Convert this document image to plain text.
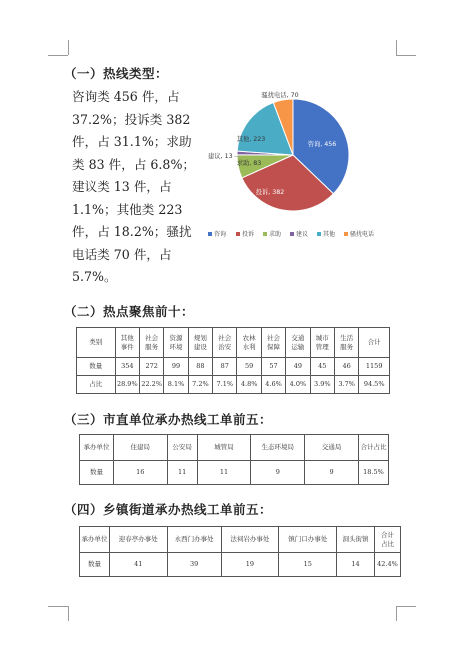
（一）热线类型：
咨询类 456 件，占
37.2%；投诉类 382
件，占 31.1%；求助
类 83 件，占 6.8%；
建议类 13 件，占
1.1%；其他类 223
件，占 18.2%；骚扰
电话类 70 件，占
5.7%。
咨询, 456
投诉, 382
求助, 83
建议, 13
其他, 223
骚扰电话, 70
咨询	投诉 求助 建议 其他 骚扰电话
（二）热点聚焦前十：
类别	其他事件	社会服务	资源环境	规划建设	社会治安	农林水利	社会保障	交通运输	城市管理	生活服务	合计
数量	354	272	99	88	87	59	57	49	45	46	1159
占比	28.9%	22.2%	8.1%	7.2%	7.1%	4.8%	4.6%	4.0%	3.9%	3.7%	94.5%
（三）市直单位承办热线工单前五：
承办单位	住建局	公安局	城管局	生态环境局	交通局	合计占比
数量	16	11	11	9	9	18.5%
（四）乡镇街道承办热线工单前五：
承办单位	迎春亭办事处	永西门办事处	法祠岩办事处	镇门口办事处	洞头街镇	合计占比
数量	41	39	19	15	14	42.4%
